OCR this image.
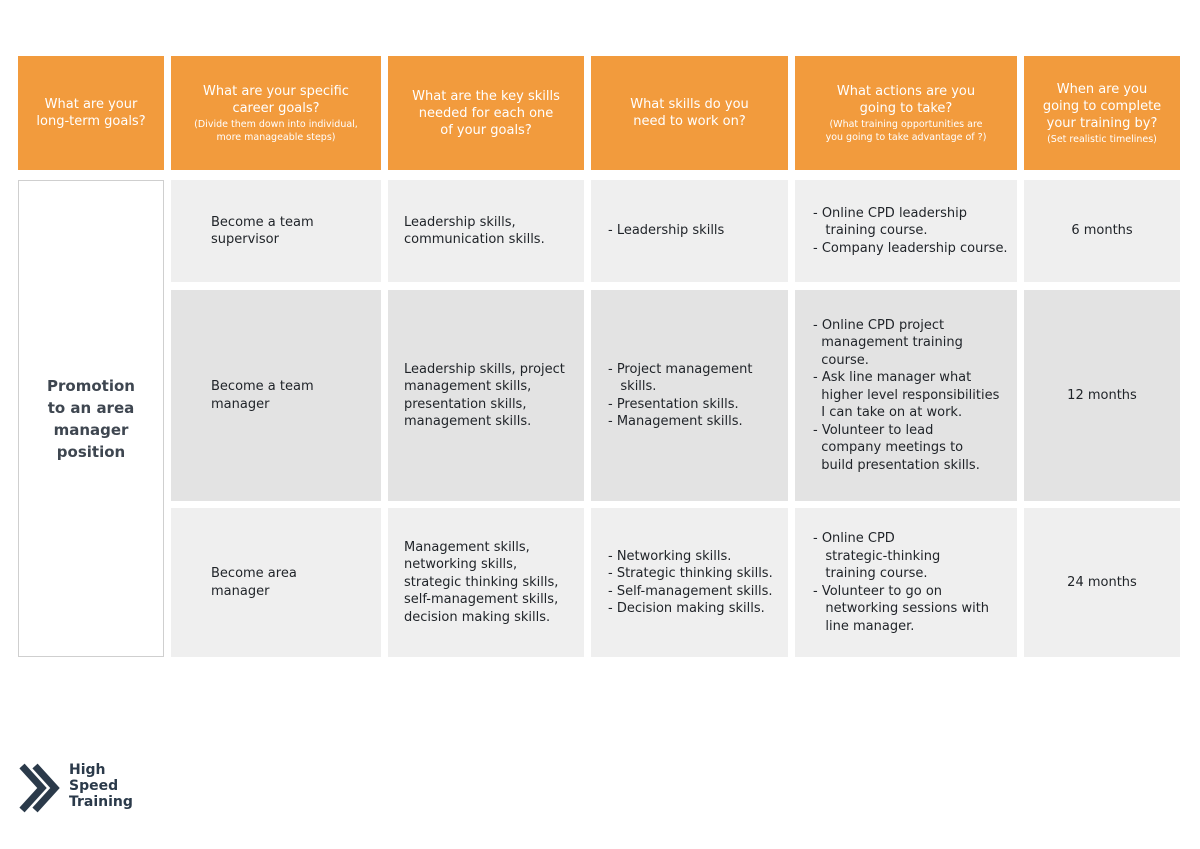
What are your
long-term goals?
What are your specific
career goals?
(Divide them down into individual,
more manageable steps)
What are the key skills
needed for each one
of your goals?
What skills do you
need to work on?
What actions are you
going to take?
(What training opportunities are
you going to take advantage of ?)
When are you
going to complete
your training by?
(Set realistic timelines)
Promotion
to an area
manager
position
Become a team
supervisor
Leadership skills,
communication skills.
- Leadership skills
- Online CPD leadership
training course.
- Company leadership course.
6 months
Become a team
manager
Leadership skills, project
management skills,
presentation skills,
management skills.
- Project management
skills.
- Presentation skills.
- Management skills.
- Online CPD project
management training
course.
- Ask line manager what
higher level responsibilities
I can take on at work.
- Volunteer to lead
company meetings to
build presentation skills.
12 months
Become area
manager
Management skills,
networking skills,
strategic thinking skills,
self-management skills,
decision making skills.
- Networking skills.
- Strategic thinking skills.
- Self-management skills.
- Decision making skills.
- Online CPD
strategic-thinking
training course.
- Volunteer to go on
networking sessions with
line manager.
24 months
High
Speed
Training
